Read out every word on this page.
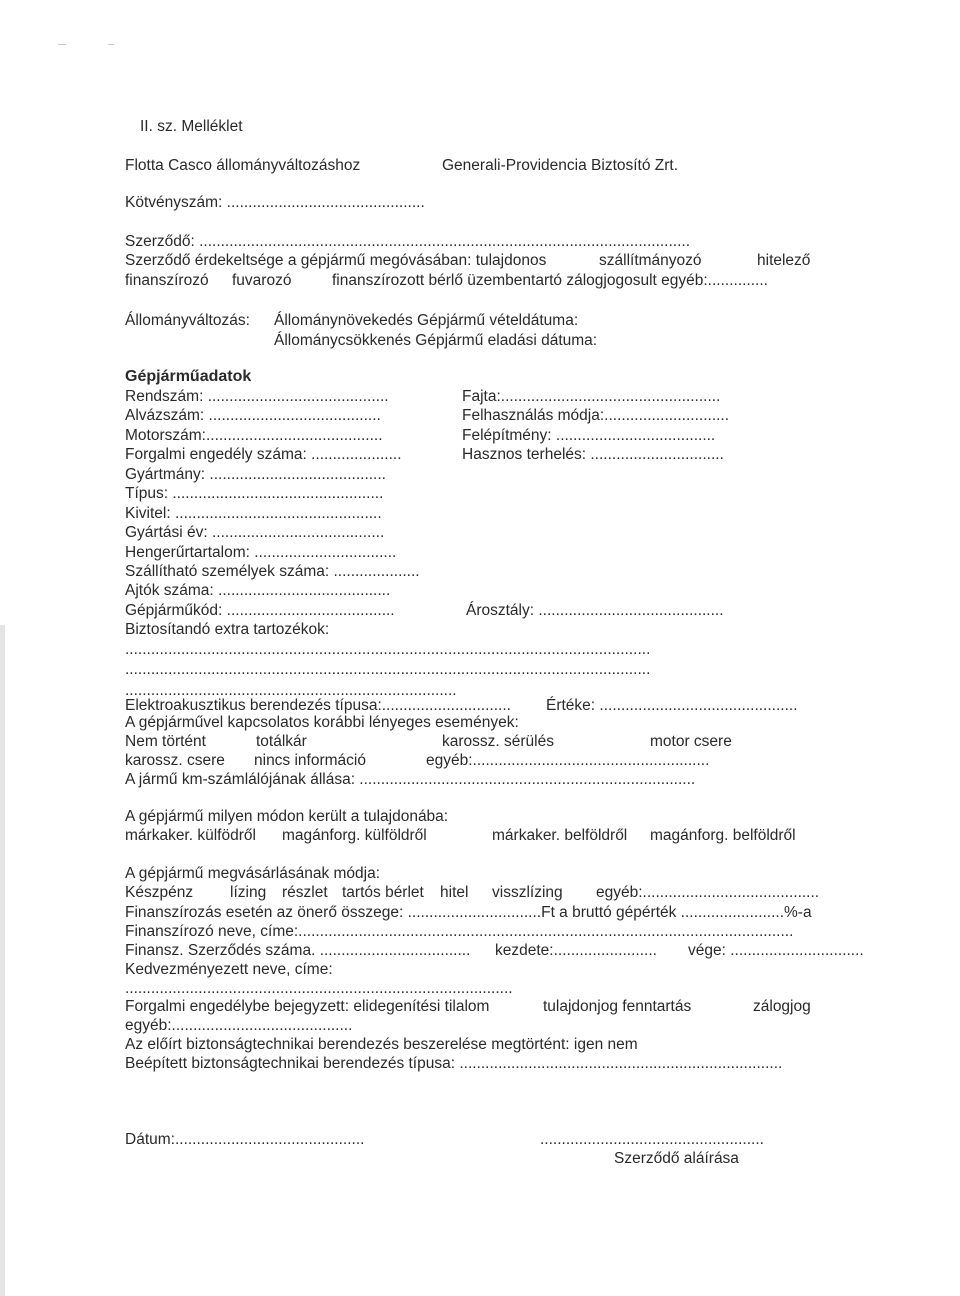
II. sz. Melléklet
Flotta Casco állományváltozáshoz	Generali-Providencia Biztosító Zrt.
Kötvényszám: ..............................................
Szerződő: ..................................................................................................................
Szerződő érdekeltsége a gépjármű megóvásában: tulajdonos	szállítmányozó	hitelező
finanszírozó fuvarozó	finanszírozott bérlő üzembentartó zálogjogosult egyéb:..............
Állományváltozás: Állománynövekedés Gépjármű vételdátuma:
Állománycsökkenés Gépjármű eladási dátuma:
Gépjárműadatok
Rendszám: ..........................................	Fajta:...................................................
Alvázszám: ........................................	Felhasználás módja:.............................
Motorszám:.........................................	Felépítmény: .....................................
Forgalmi engedély száma: .....................	Hasznos terhelés: ...............................
Gyártmány: .........................................
Típus: .................................................
Kivitel: ................................................
Gyártási év: ........................................
Hengerűrtartalom: .................................
Szállítható személyek száma: ....................
Ajtók száma: ........................................
Gépjárműkód: .......................................	Árosztály: ...........................................
Biztosítandó extra tartozékok:
..........................................................................................................................
..........................................................................................................................
.............................................................................
Elektroakusztikus berendezés típusa:.............................. Értéke: ..............................................
A gépjárművel kapcsolatos korábbi lényeges események:
Nem történt	totálkár	karossz. sérülés	motor csere
karossz. csere nincs információ	egyéb:.......................................................
A jármű km-számlálójának állása: ..............................................................................
A gépjármű milyen módon került a tulajdonába:
márkaker. külfödről magánforg. külföldről	márkaker. belföldről magánforg. belföldről
A gépjármű megvásárlásának módja:
Készpénz lízing részlet tartós bérlet hitel visszlízing egyéb:.........................................
Finanszírozás esetén az önerő összege: ...............................Ft a bruttó gépérték ........................%-a
Finanszírozó neve, címe:...................................................................................................................
Finansz. Szerződés száma. ................................... kezdete:........................ vége: ...............................
Kedvezményezett neve, címe:
..........................................................................................
Forgalmi engedélybe bejegyzett: elidegenítési tilalom	tulajdonjog fenntartás	zálogjog
egyéb:..........................................
Az előírt biztonságtechnikai berendezés beszerelése megtörtént: igen nem
Beépített biztonságtechnikai berendezés típusa: ...........................................................................
Dátum:............................................	....................................................
Szerződő aláírása
